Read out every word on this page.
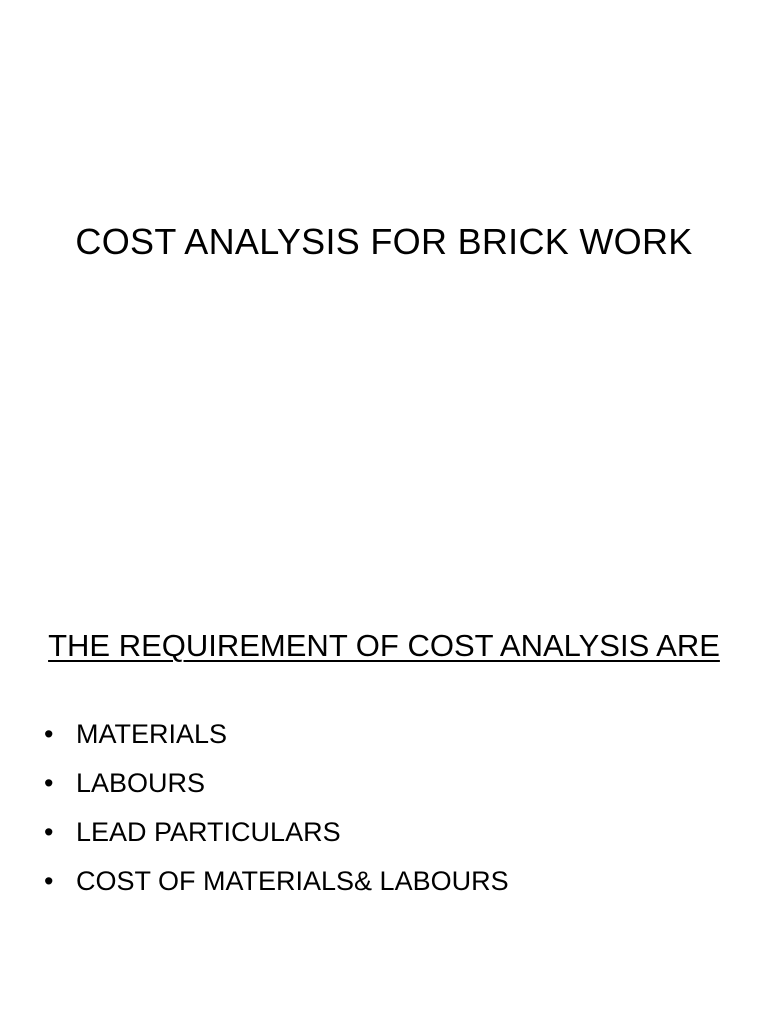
COST ANALYSIS FOR BRICK WORK
THE REQUIREMENT OF COST ANALYSIS ARE
• MATERIALS
• LABOURS
• LEAD PARTICULARS
• COST OF MATERIALS& LABOURS
